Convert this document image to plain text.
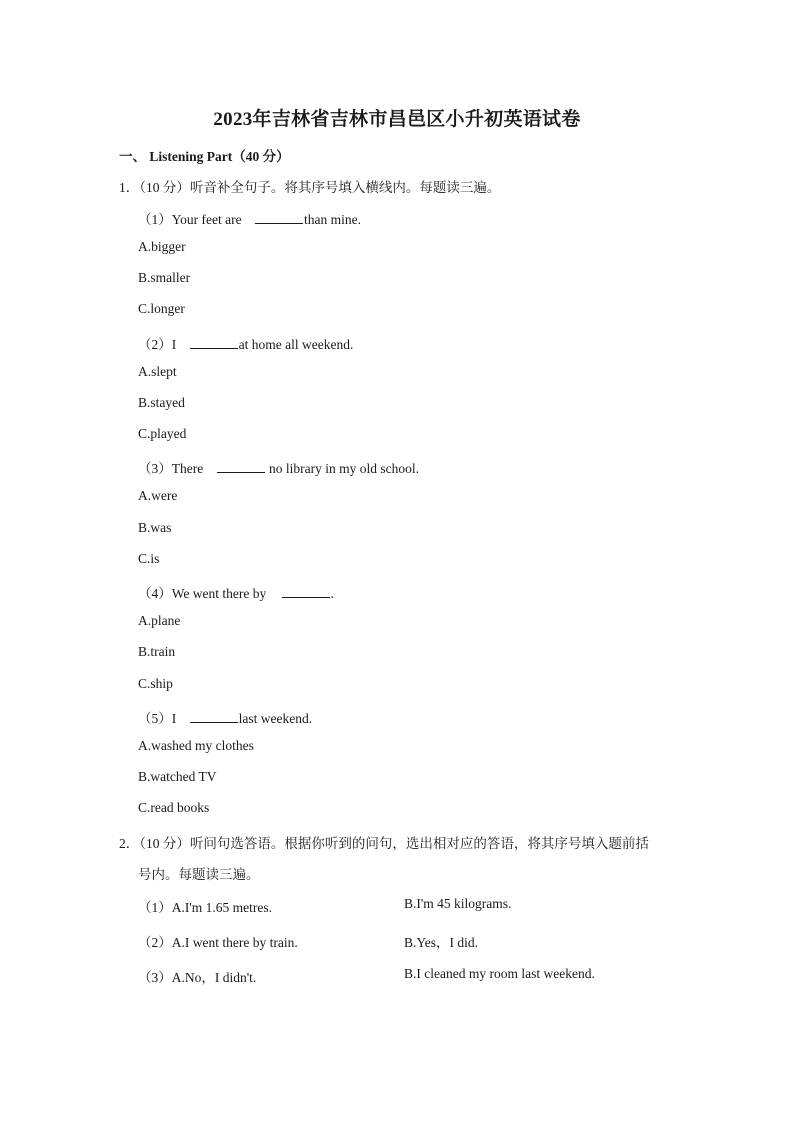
2023年吉林省吉林市昌邑区小升初英语试卷
一、 Listening Part（40 分）
1．（10 分）听音补全句子。将其序号填入横线内。每题读三遍。
（1）Your feet are	than mine.
A.bigger
B.smaller
C.longer
（2）I	at home all weekend.
A.slept
B.stayed
C.played
（3）There	no library in my old school.
A.were
B.was
C.is
（4）We went there by	.
A.plane
B.train
C.ship
（5）I	last weekend.
A.washed my clothes
B.watched TV
C.read books
2．（10 分）听问句选答语。根据你听到的问句，选出相对应的答语，将其序号填入题前括
号内。每题读三遍。
（1）A.I'm 1.65 metres.	B.I'm 45 kilograms.
（2）A.I went there by train.	B.Yes，I did.
（3）A.No，I didn't.	B.I cleaned my room last weekend.
